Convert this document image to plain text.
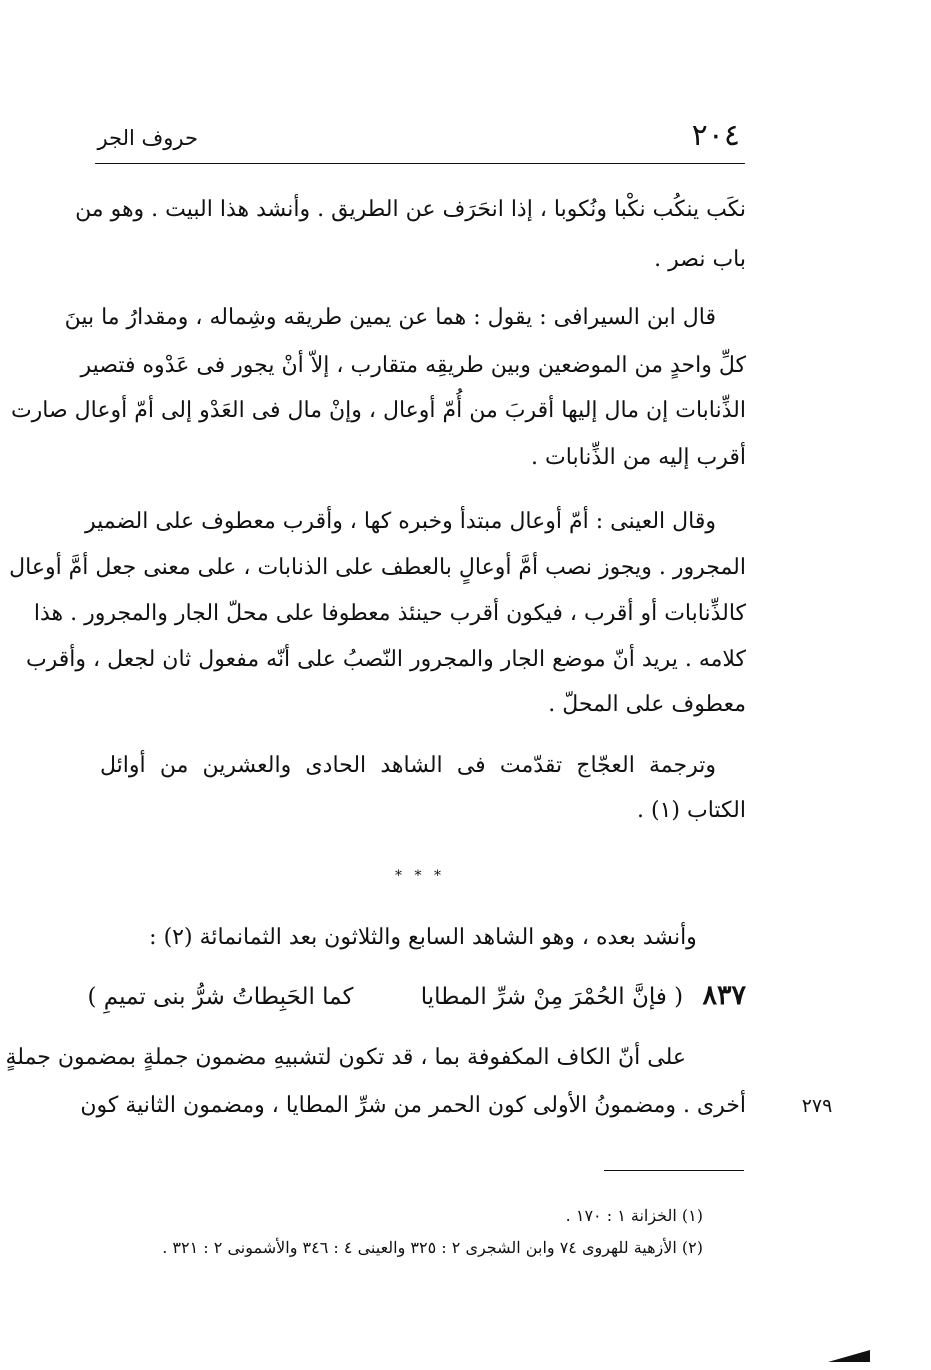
٢٠٤
حروف الجر
نكَب ينكُب نكْبا ونُكوبا ، إذا انحَرَف عن الطريق . وأنشد هذا البيت . وهو من
باب نصر .
قال ابن السيرافى : يقول : هما عن يمين طريقه وشِماله ، ومقدارُ ما بينَ
كلِّ واحدٍ من الموضعين وبين طريقِه متقارب ، إلاّ أنْ يجور فى عَدْوه فتصير
الذِّنابات إن مال إليها أقربَ من أُمّ أوعال ، وإنْ مال فى العَدْو إلى أمّ أوعال صارت
أقرب إليه من الذِّنابات .
وقال العينى : أمّ أوعال مبتدأ وخبره كها ، وأقرب معطوف على الضمير
المجرور . ويجوز نصب أمَّ أوعالٍ بالعطف على الذنابات ، على معنى جعل أمَّ أوعال
كالذِّنابات أو أقرب ، فيكون أقرب حينئذ معطوفا على محلّ الجار والمجرور . هذا
كلامه . يريد أنّ موضع الجار والمجرور النّصبُ على أنّه مفعول ثان لجعل ، وأقرب
معطوف على المحلّ .
وترجمة العجّاج تقدّمت فى الشاهد الحادى والعشرين من أوائل
الكتاب (١) .
* * *
وأنشد بعده ، وهو الشاهد السابع والثلاثون بعد الثمانمائة (٢) :
٨٣٧ ( فإنَّ الحُمْرَ مِنْ شرِّ المطايا كما الحَبِطاتُ شرُّ بنى تميمِ )
على أنّ الكاف المكفوفة بما ، قد تكون لتشبيهِ مضمون جملةٍ بمضمون جملةٍ
أخرى . ومضمونُ الأولى كون الحمر من شرِّ المطايا ، ومضمون الثانية كون	٢٧٩
(١) الخزانة ١ : ١٧٠ .
(٢) الأزهية للهروى ٧٤ وابن الشجرى ٢ : ٣٢٥ والعينى ٤ : ٣٤٦ والأشمونى ٢ : ٣٢١ .
